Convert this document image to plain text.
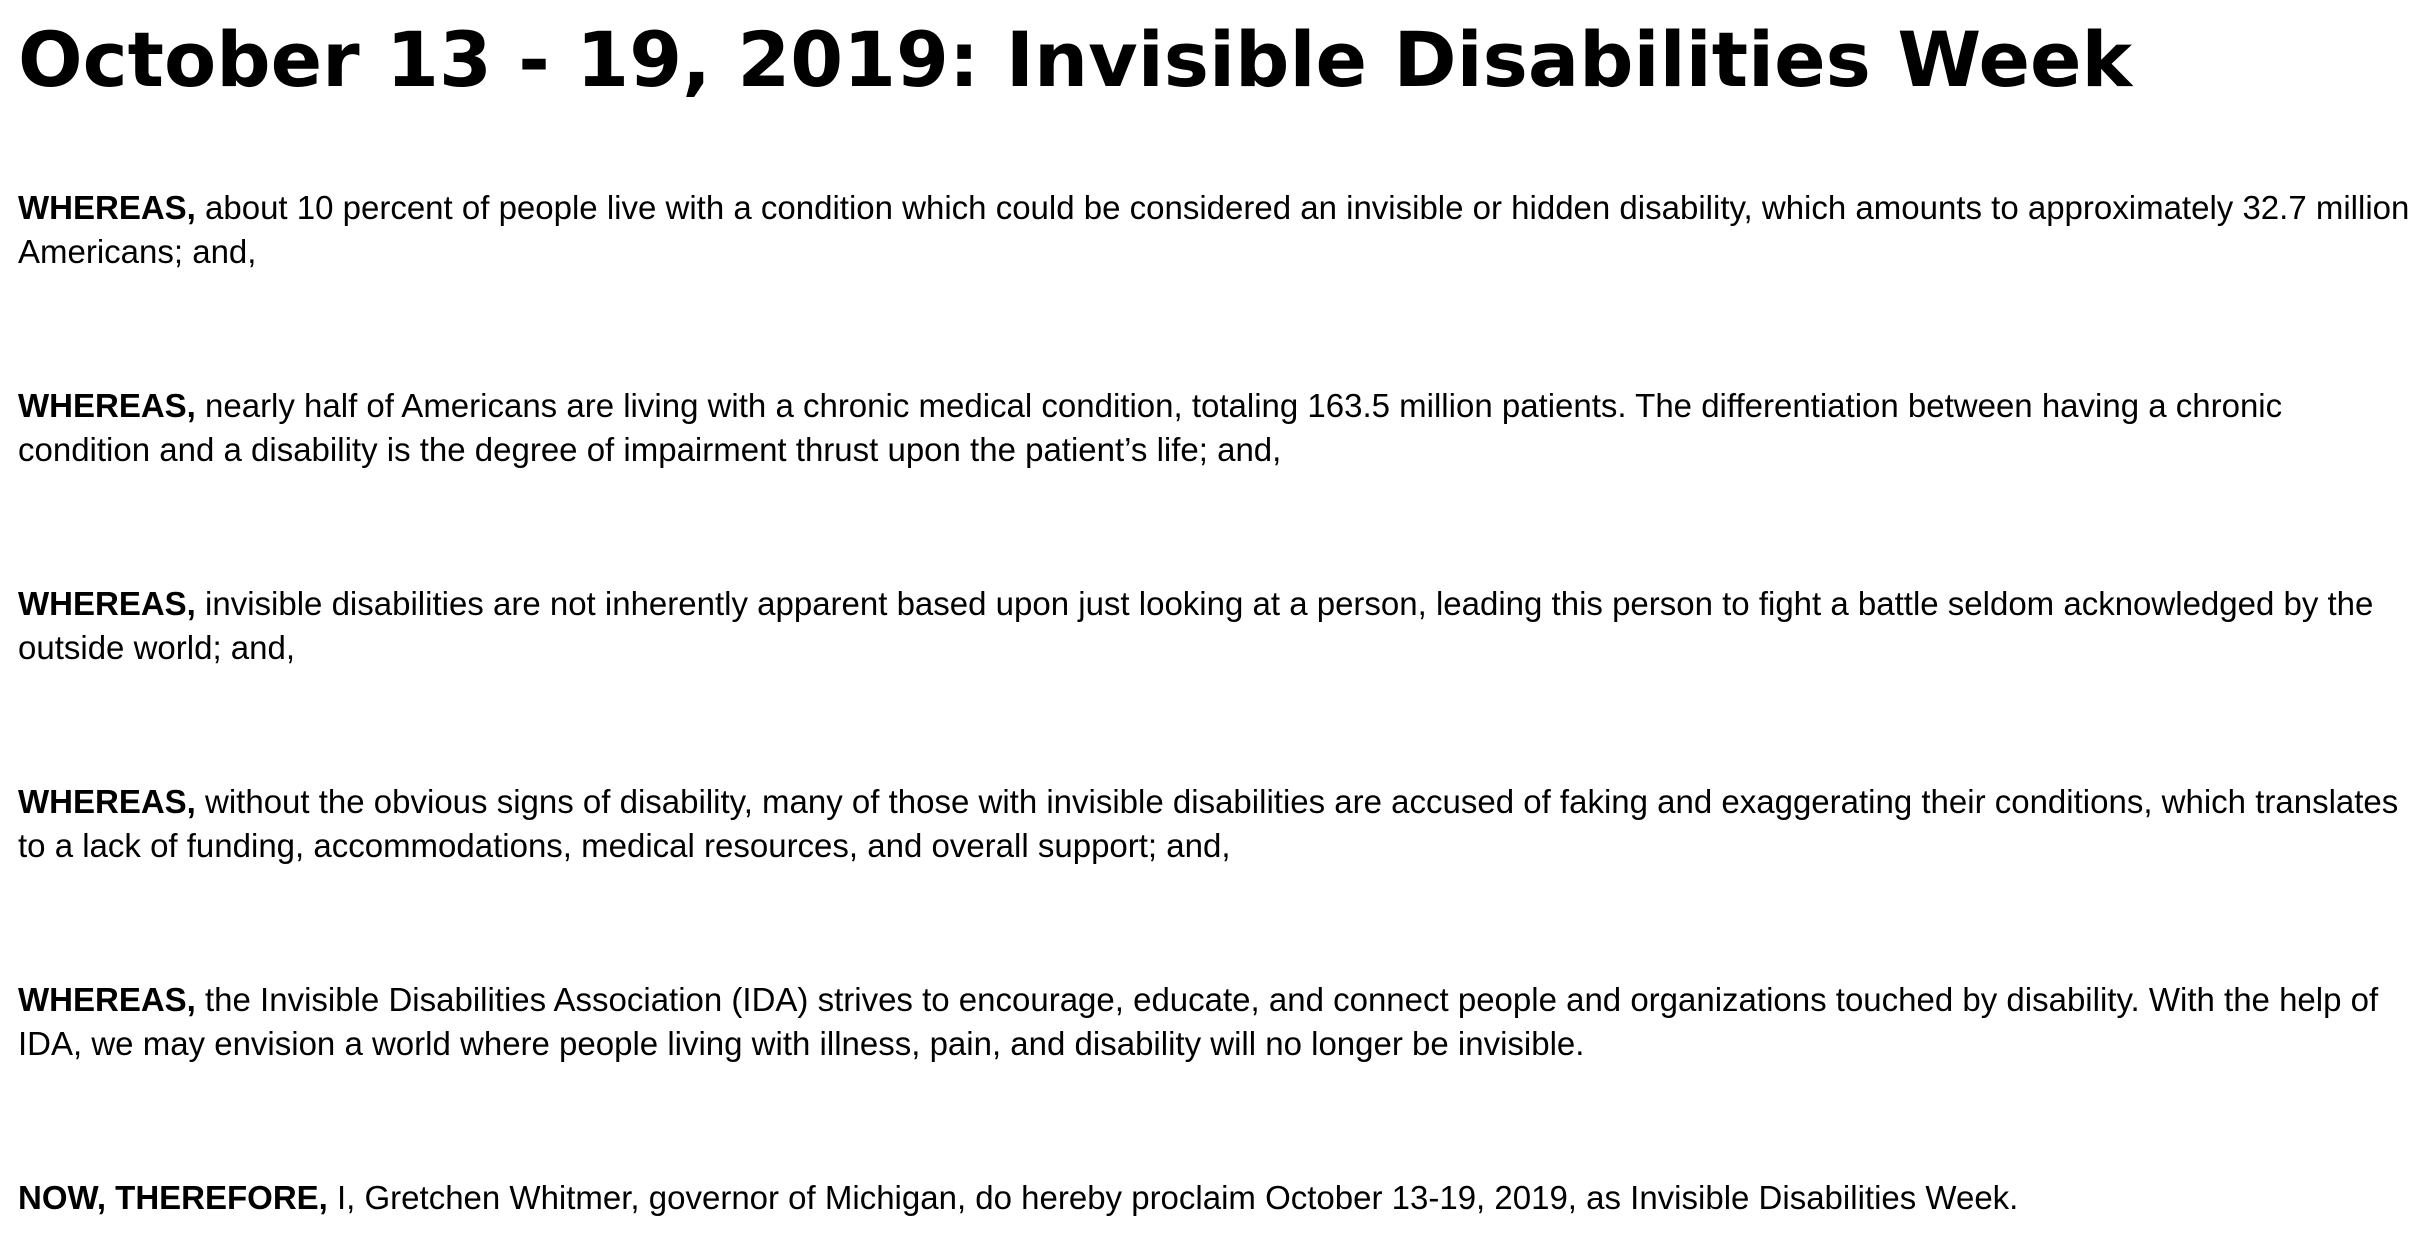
October 13 - 19, 2019: Invisible Disabilities Week

WHEREAS, about 10 percent of people live with a condition which could be considered an invisible or hidden disability, which amounts to approximately 32.7 million Americans; and,

WHEREAS, nearly half of Americans are living with a chronic medical condition, totaling 163.5 million patients. The differentiation between having a chronic condition and a disability is the degree of impairment thrust upon the patient’s life; and,

WHEREAS, invisible disabilities are not inherently apparent based upon just looking at a person, leading this person to fight a battle seldom acknowledged by the outside world; and,

WHEREAS, without the obvious signs of disability, many of those with invisible disabilities are accused of faking and exaggerating their conditions, which translates to a lack of funding, accommodations, medical resources, and overall support; and,

WHEREAS, the Invisible Disabilities Association (IDA) strives to encourage, educate, and connect people and organizations touched by disability. With the help of IDA, we may envision a world where people living with illness, pain, and disability will no longer be invisible.

NOW, THEREFORE, I, Gretchen Whitmer, governor of Michigan, do hereby proclaim October 13-19, 2019, as Invisible Disabilities Week.
